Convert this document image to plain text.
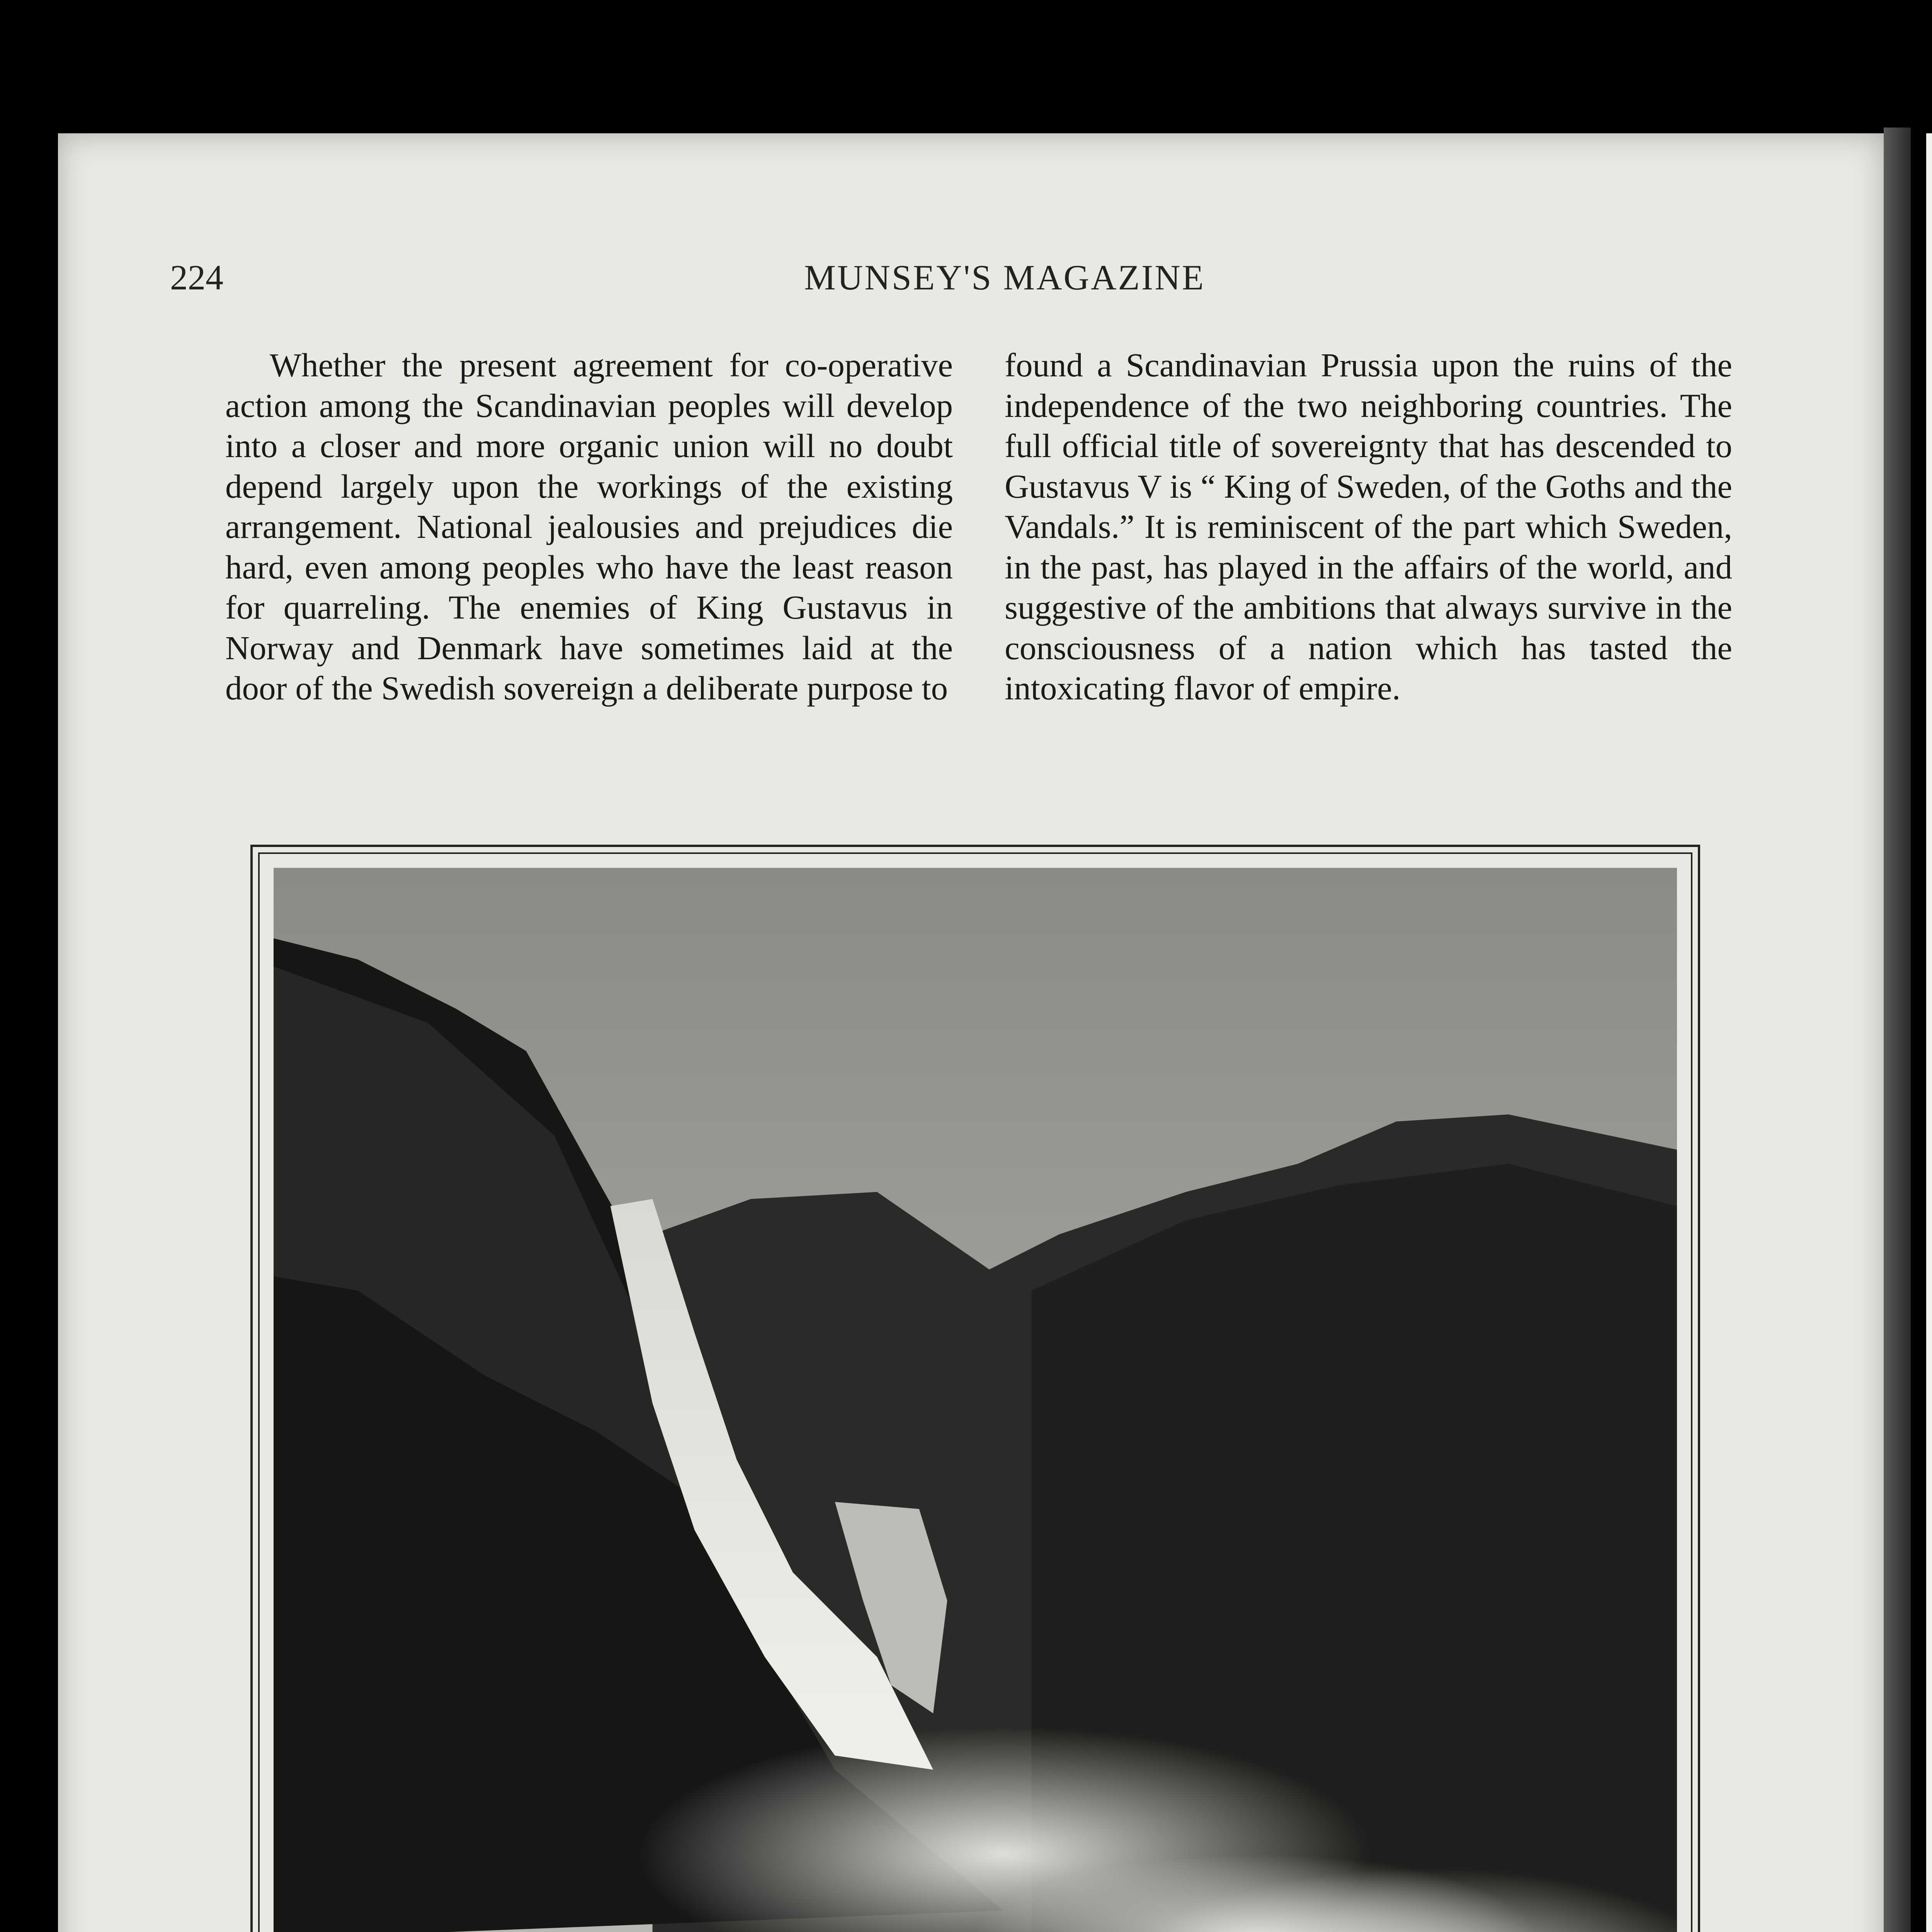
224	MUNSEY'S MAGAZINE

Whether the present agreement for co-operative action among the Scandinavian peoples will develop into a closer and more organic union will no doubt depend largely upon the workings of the existing arrangement. National jealousies and prejudices die hard, even among peoples who have the least reason for quarreling. The enemies of King Gustavus in Norway and Denmark have sometimes laid at the door of the Swedish sovereign a deliberate purpose to

found a Scandinavian Prussia upon the ruins of the independence of the two neighboring countries. The full official title of sovereignty that has descended to Gustavus V is “ King of Sweden, of the Goths and the Vandals.” It is reminiscent of the part which Sweden, in the past, has played in the affairs of the world, and suggestive of the ambitions that always survive in the consciousness of a nation which has tasted the intoxicating flavor of empire.
